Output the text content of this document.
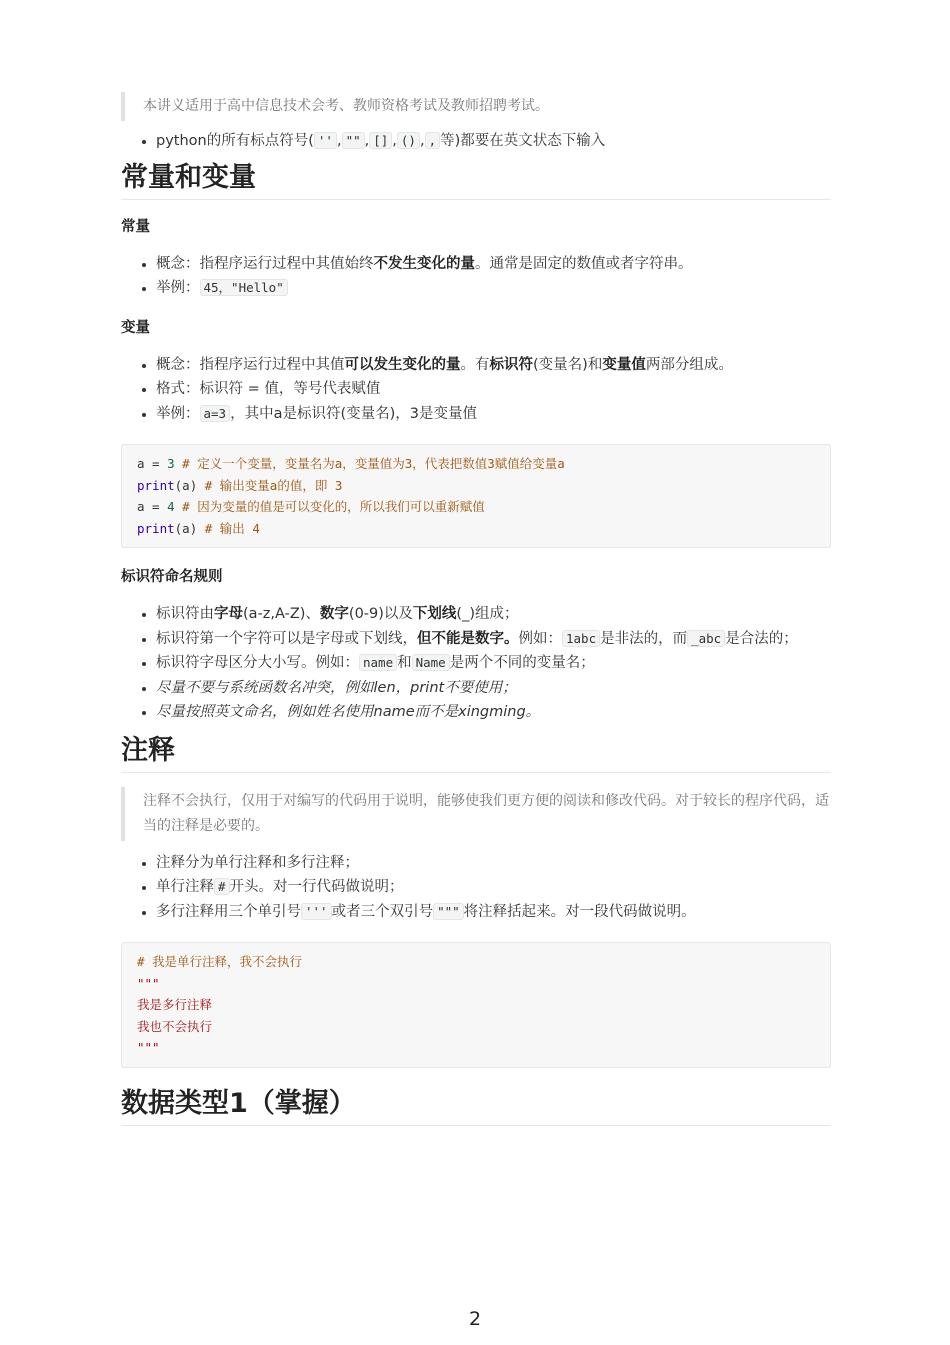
本讲义适用于高中信息技术会考、教师资格考试及教师招聘考试。
• python的所有标点符号( '' , "" , [] , () , , 等)都要在英文状态下输入
常量和变量
常量
• 概念：指程序运行过程中其值始终不发生变化的量。通常是固定的数值或者字符串。
• 举例： 45，"Hello"
变量
• 概念：指程序运行过程中其值可以发生变化的量。有标识符(变量名)和变量值两部分组成。
• 格式：标识符 = 值，等号代表赋值
• 举例： a=3 ，其中a是标识符(变量名)，3是变量值
a = 3 # 定义一个变量，变量名为a，变量值为3，代表把数值3赋值给变量a
print(a) # 输出变量a的值，即 3
a = 4 # 因为变量的值是可以变化的，所以我们可以重新赋值
print(a) # 输出 4
标识符命名规则
• 标识符由字母(a-z,A-Z)、数字(0-9)以及下划线(_)组成；
• 标识符第一个字符可以是字母或下划线，但不能是数字。例如： 1abc 是非法的，而 _abc 是合法的；
• 标识符字母区分大小写。例如： name 和 Name 是两个不同的变量名；
• 尽量不要与系统函数名冲突，例如len，print不要使用；
• 尽量按照英文命名，例如姓名使用name而不是xingming。
注释
注释不会执行，仅用于对编写的代码用于说明，能够使我们更方便的阅读和修改代码。对于较长的程序代码，适当的注释是必要的。
• 注释分为单行注释和多行注释；
• 单行注释 # 开头。对一行代码做说明；
• 多行注释用三个单引号 ''' 或者三个双引号 """ 将注释括起来。对一段代码做说明。
# 我是单行注释，我不会执行
"""
我是多行注释
我也不会执行
"""
数据类型1（掌握）
2
